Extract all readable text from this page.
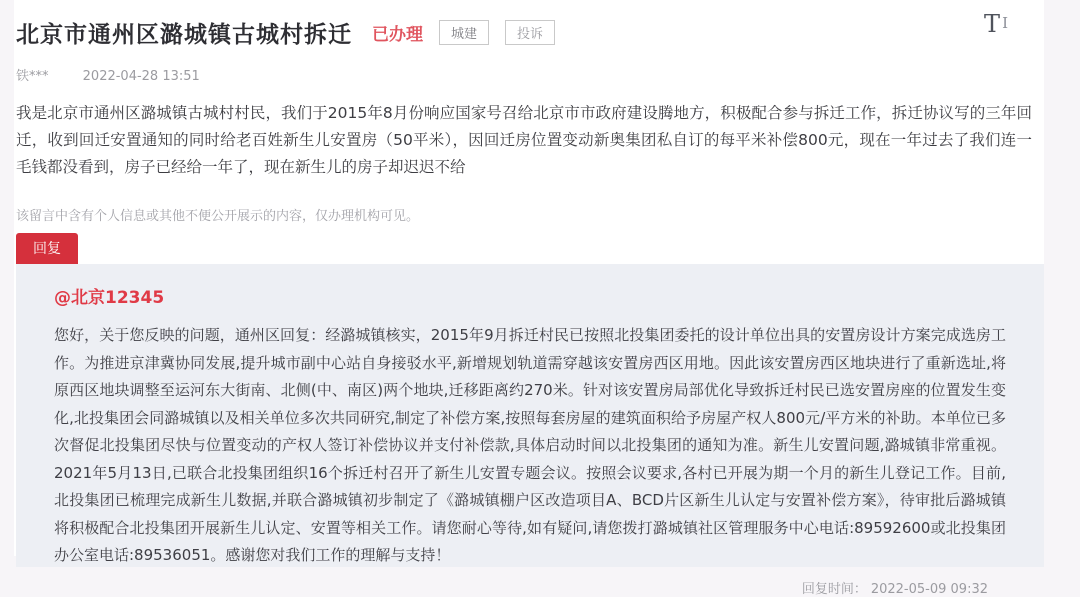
北京市通州区潞城镇古城村拆迁 已办理	城建	投诉	T I
铁***	2022-04-28 13:51

我是北京市通州区潞城镇古城村村民，我们于2015年8月份响应国家号召给北京市市政府建设腾地方，积极配合参与拆迁工作，拆迁协议写的三年回迁，收到回迁安置通知的同时给老百姓新生儿安置房（50平米），因回迁房位置变动新奥集团私自订的每平米补偿800元，现在一年过去了我们连一毛钱都没看到，房子已经给一年了，现在新生儿的房子却迟迟不给

该留言中含有个人信息或其他不便公开展示的内容，仅办理机构可见。

回复
@北京12345

您好，关于您反映的问题，通州区回复：经潞城镇核实，2015年9月拆迁村民已按照北投集团委托的设计单位出具的安置房设计方案完成选房工作。为推进京津冀协同发展,提升城市副中心站自身接驳水平,新增规划轨道需穿越该安置房西区用地。因此该安置房西区地块进行了重新选址,将原西区地块调整至运河东大街南、北侧(中、南区)两个地块,迁移距离约270米。针对该安置房局部优化导致拆迁村民已选安置房座的位置发生变化,北投集团会同潞城镇以及相关单位多次共同研究,制定了补偿方案,按照每套房屋的建筑面积给予房屋产权人800元/平方米的补助。本单位已多次督促北投集团尽快与位置变动的产权人签订补偿协议并支付补偿款,具体启动时间以北投集团的通知为准。新生儿安置问题,潞城镇非常重视。2021年5月13日,已联合北投集团组织16个拆迁村召开了新生儿安置专题会议。按照会议要求,各村已开展为期一个月的新生儿登记工作。目前,北投集团已梳理完成新生儿数据,并联合潞城镇初步制定了《潞城镇棚户区改造项目A、BCD片区新生儿认定与安置补偿方案》，待审批后潞城镇将积极配合北投集团开展新生儿认定、安置等相关工作。请您耐心等待,如有疑问,请您拨打潞城镇社区管理服务中心电话:89592600或北投集团办公室电话:89536051。感谢您对我们工作的理解与支持！

回复时间： 2022-05-09 09:32
